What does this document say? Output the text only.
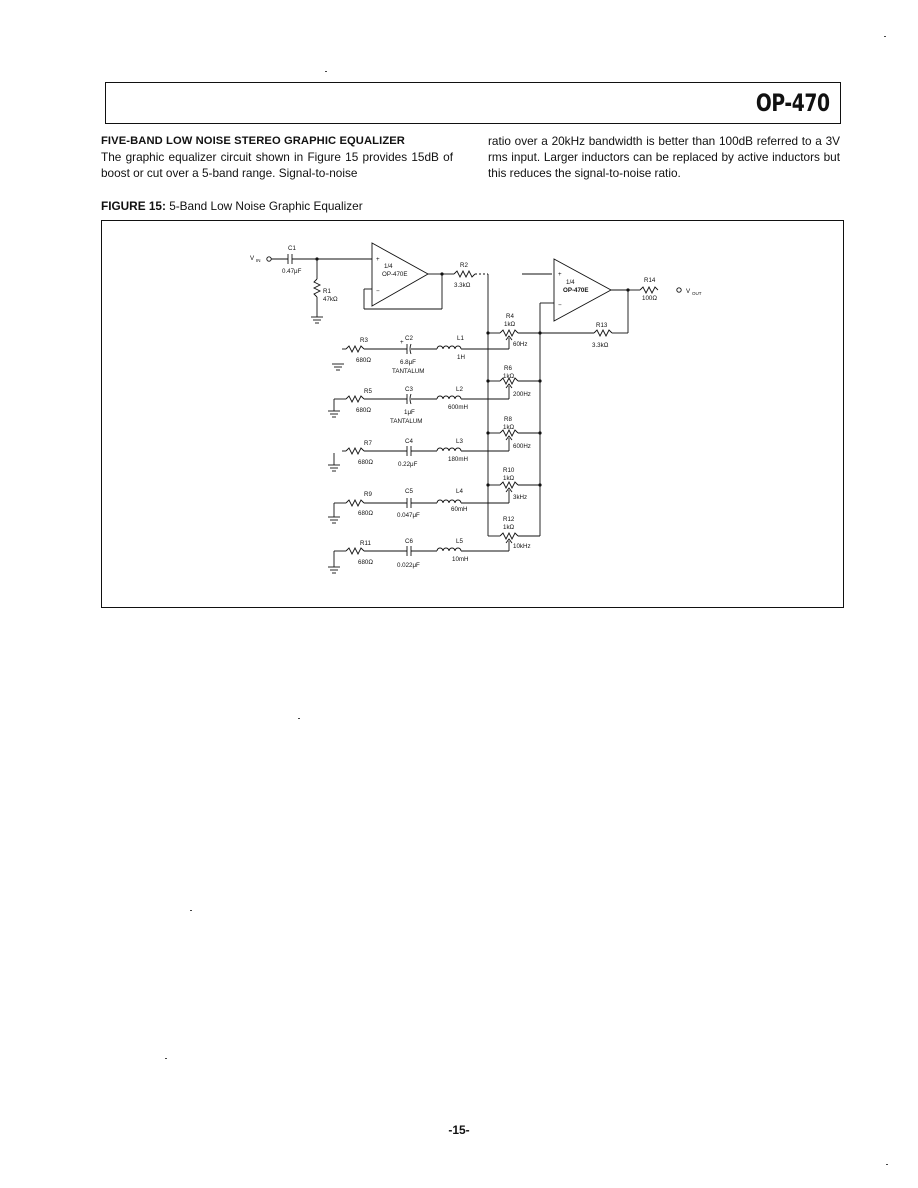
OP-470
FIVE-BAND LOW NOISE STEREO GRAPHIC EQUALIZER
The graphic equalizer circuit shown in Figure 15 provides 15dB of boost or cut over a 5-band range. Signal-to-noise
ratio over a 20kHz bandwidth is better than 100dB referred to a 3V rms input. Larger inductors can be replaced by active inductors but this reduces the signal-to-noise ratio.
FIGURE 15: 5-Band Low Noise Graphic Equalizer
V IN
C1
0.47μF
R1
47kΩ
+
−
1/4
OP-470E
R2
3.3kΩ
+
−
1/4
OP-470E
R14
100Ω
V OUT
R13
3.3kΩ
R3
680Ω
C2
+
6.8μF
TANTALUM
L1
1H
R4
1kΩ
60Hz
R5
680Ω
C3
1μF
TANTALUM
L2
600mH
R6
1kΩ
200Hz
R7
680Ω
C4
0.22μF
L3
180mH
R8
1kΩ
600Hz
R9
680Ω
C5
0.047μF
L4
60mH
R10
1kΩ
3kHz
R11
680Ω
C6
0.022μF
L5
10mH
R12
1kΩ
10kHz
-15-
